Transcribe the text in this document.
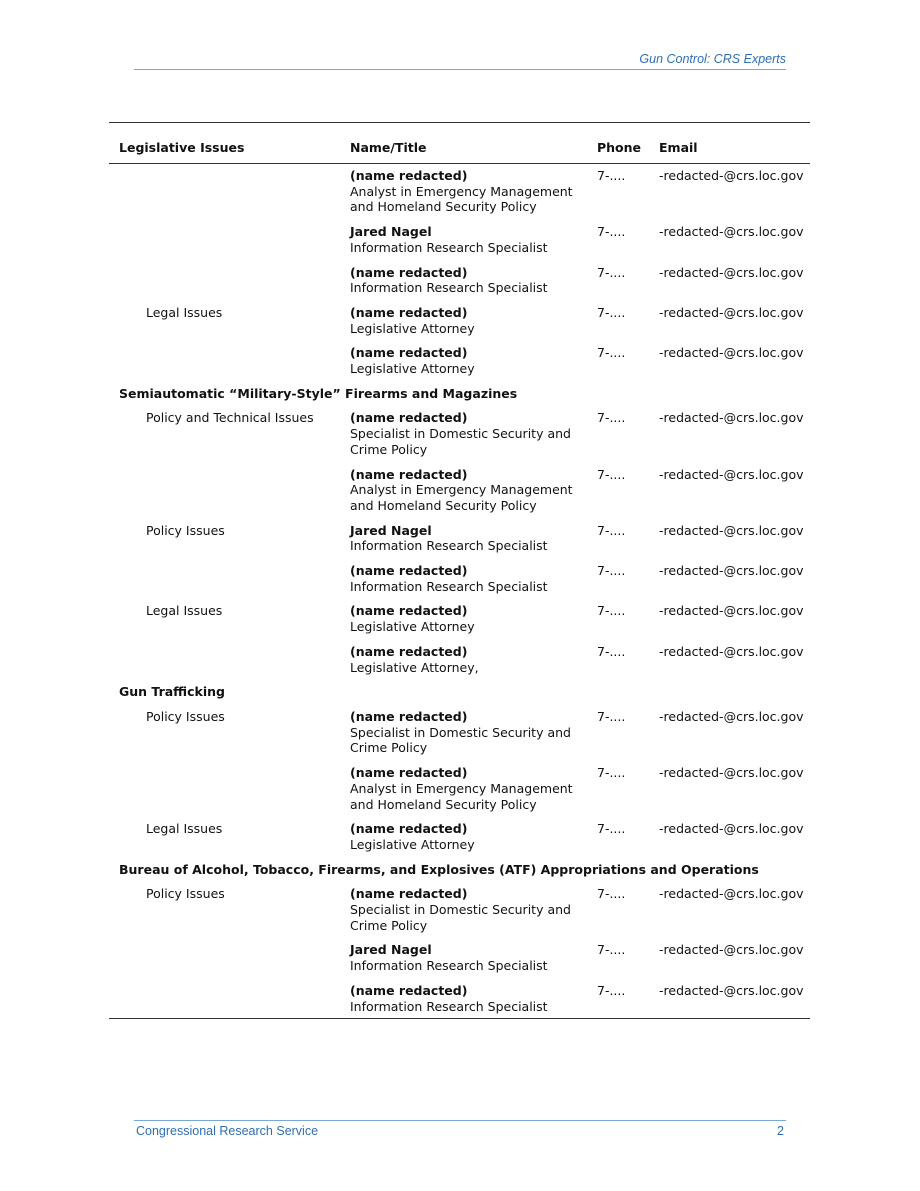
Gun Control: CRS Experts
Legislative Issues	Name/Title	Phone Email
(name redacted)
Analyst in Emergency Management and Homeland Security Policy
7-....	-redacted-@crs.loc.gov
Jared Nagel
Information Research Specialist
7-....	-redacted-@crs.loc.gov
(name redacted)
Information Research Specialist
7-....	-redacted-@crs.loc.gov
Legal Issues	(name redacted)
Legislative Attorney
7-....	-redacted-@crs.loc.gov
(name redacted)
Legislative Attorney
7-....	-redacted-@crs.loc.gov
Semiautomatic “Military-Style” Firearms and Magazines
Policy and Technical Issues	(name redacted)
Specialist in Domestic Security and Crime Policy
7-....	-redacted-@crs.loc.gov
(name redacted)
Analyst in Emergency Management and Homeland Security Policy
7-....	-redacted-@crs.loc.gov
Policy Issues	Jared Nagel
Information Research Specialist
7-....	-redacted-@crs.loc.gov
(name redacted)
Information Research Specialist
7-....	-redacted-@crs.loc.gov
Legal Issues	(name redacted)
Legislative Attorney
7-....	-redacted-@crs.loc.gov
(name redacted)
Legislative Attorney,
7-....	-redacted-@crs.loc.gov
Gun Trafficking
Policy Issues	(name redacted)
Specialist in Domestic Security and Crime Policy
7-....	-redacted-@crs.loc.gov
(name redacted)
Analyst in Emergency Management and Homeland Security Policy
7-....	-redacted-@crs.loc.gov
Legal Issues	(name redacted)
Legislative Attorney
7-....	-redacted-@crs.loc.gov
Bureau of Alcohol, Tobacco, Firearms, and Explosives (ATF) Appropriations and Operations
Policy Issues	(name redacted)
Specialist in Domestic Security and Crime Policy
7-....	-redacted-@crs.loc.gov
Jared Nagel
Information Research Specialist
7-....	-redacted-@crs.loc.gov
(name redacted)
Information Research Specialist
7-....	-redacted-@crs.loc.gov
Congressional Research Service	2
